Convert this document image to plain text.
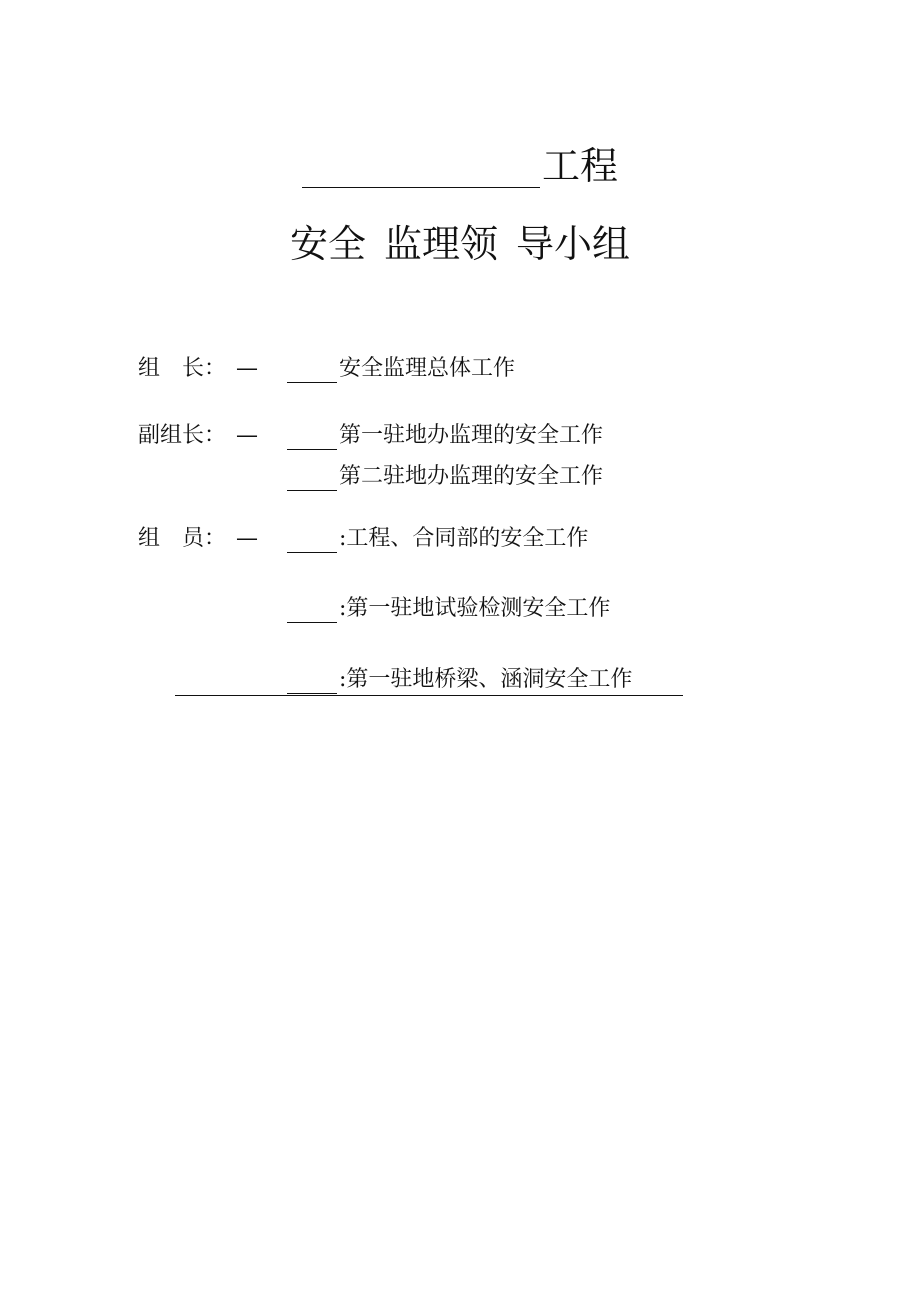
工程
安全 监理领 导小组
组　长： —	安全监理总体工作
副组长： —	第一驻地办监理的安全工作
第二驻地办监理的安全工作
组　员： —	:工程、合同部的安全工作
:第一驻地试验检测安全工作
:第一驻地桥梁、涵洞安全工作
